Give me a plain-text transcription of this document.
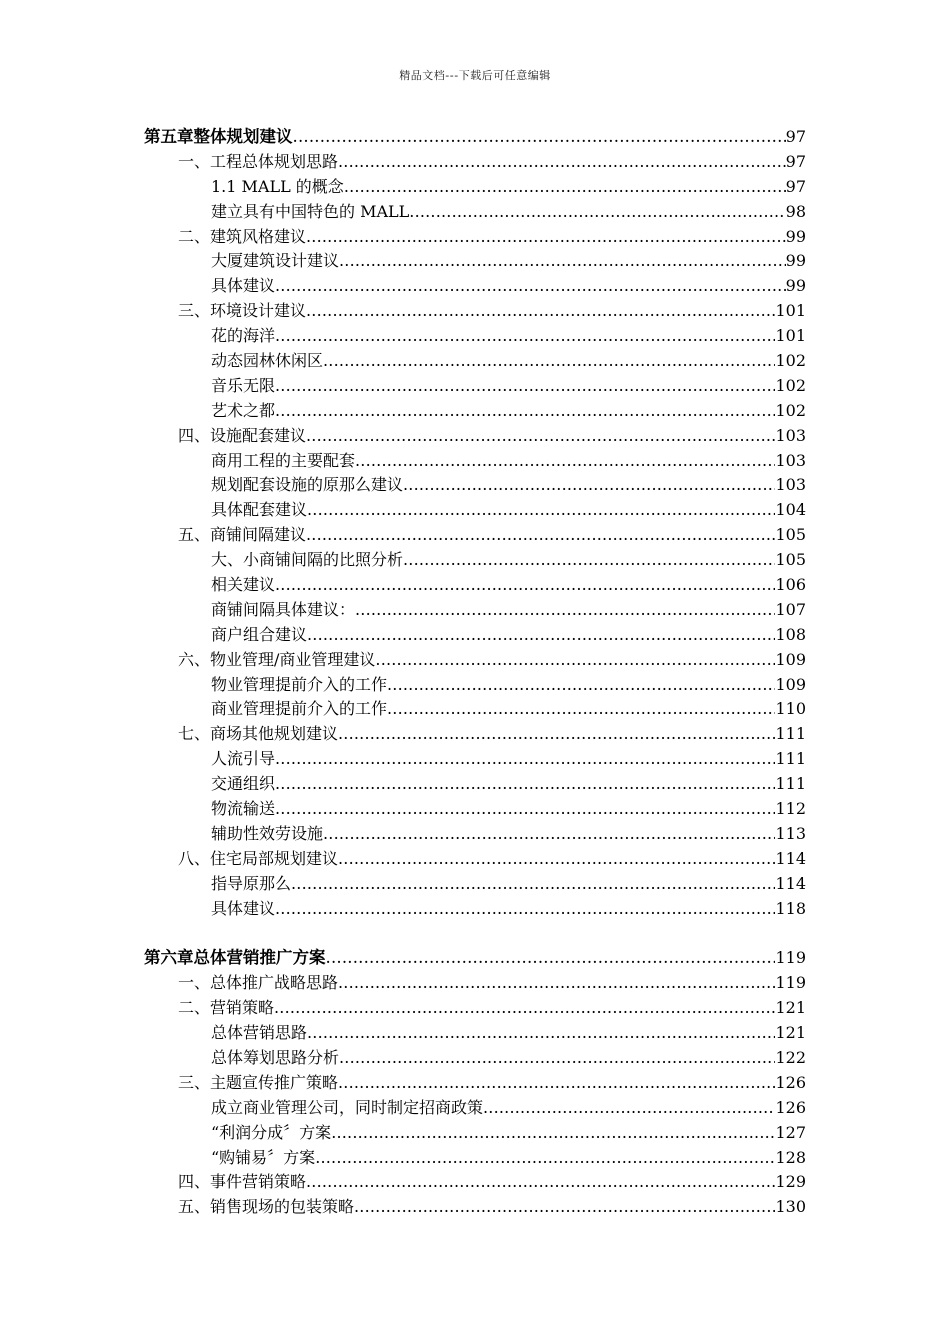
精品文档---下载后可任意编辑
第五章整体规划建议 .....	97
一、工程总体规划思路 .....	97
1.1 MALL 的概念 .....	97
建立具有中国特色的 MALL .....	98
二、建筑风格建议 .....	99
大厦建筑设计建议 .....	99
具体建议 .....	99
三、环境设计建议 .....	101
花的海洋 .....	101
动态园林休闲区 .....	102
音乐无限 .....	102
艺术之都 .....	102
四、设施配套建议 .....	103
商用工程的主要配套 .....	103
规划配套设施的原那么建议 .....	103
具体配套建议 .....	104
五、商铺间隔建议 .....	105
大、小商铺间隔的比照分析 .....	105
相关建议 .....	106
商铺间隔具体建议： .....	107
商户组合建议 .....	108
六、物业管理/商业管理建议 .....	109
物业管理提前介入的工作 .....	109
商业管理提前介入的工作 .....	110
七、商场其他规划建议 .....	111
人流引导 .....	111
交通组织 .....	111
物流输送 .....	112
辅助性效劳设施 .....	113
八、住宅局部规划建议 .....	114
指导原那么 .....	114
具体建议 .....	118
第六章总体营销推广方案 .....	119
一、总体推广战略思路 .....	119
二、营销策略 .....	121
总体营销思路 .....	121
总体筹划思路分析 .....	122
三、主题宣传推广策略 .....	126
成立商业管理公司，同时制定招商政策 .....	126
“利润分成〞方案 .....	127
“购铺易〞方案 .....	128
四、事件营销策略 .....	129
五、销售现场的包装策略 .....	130
